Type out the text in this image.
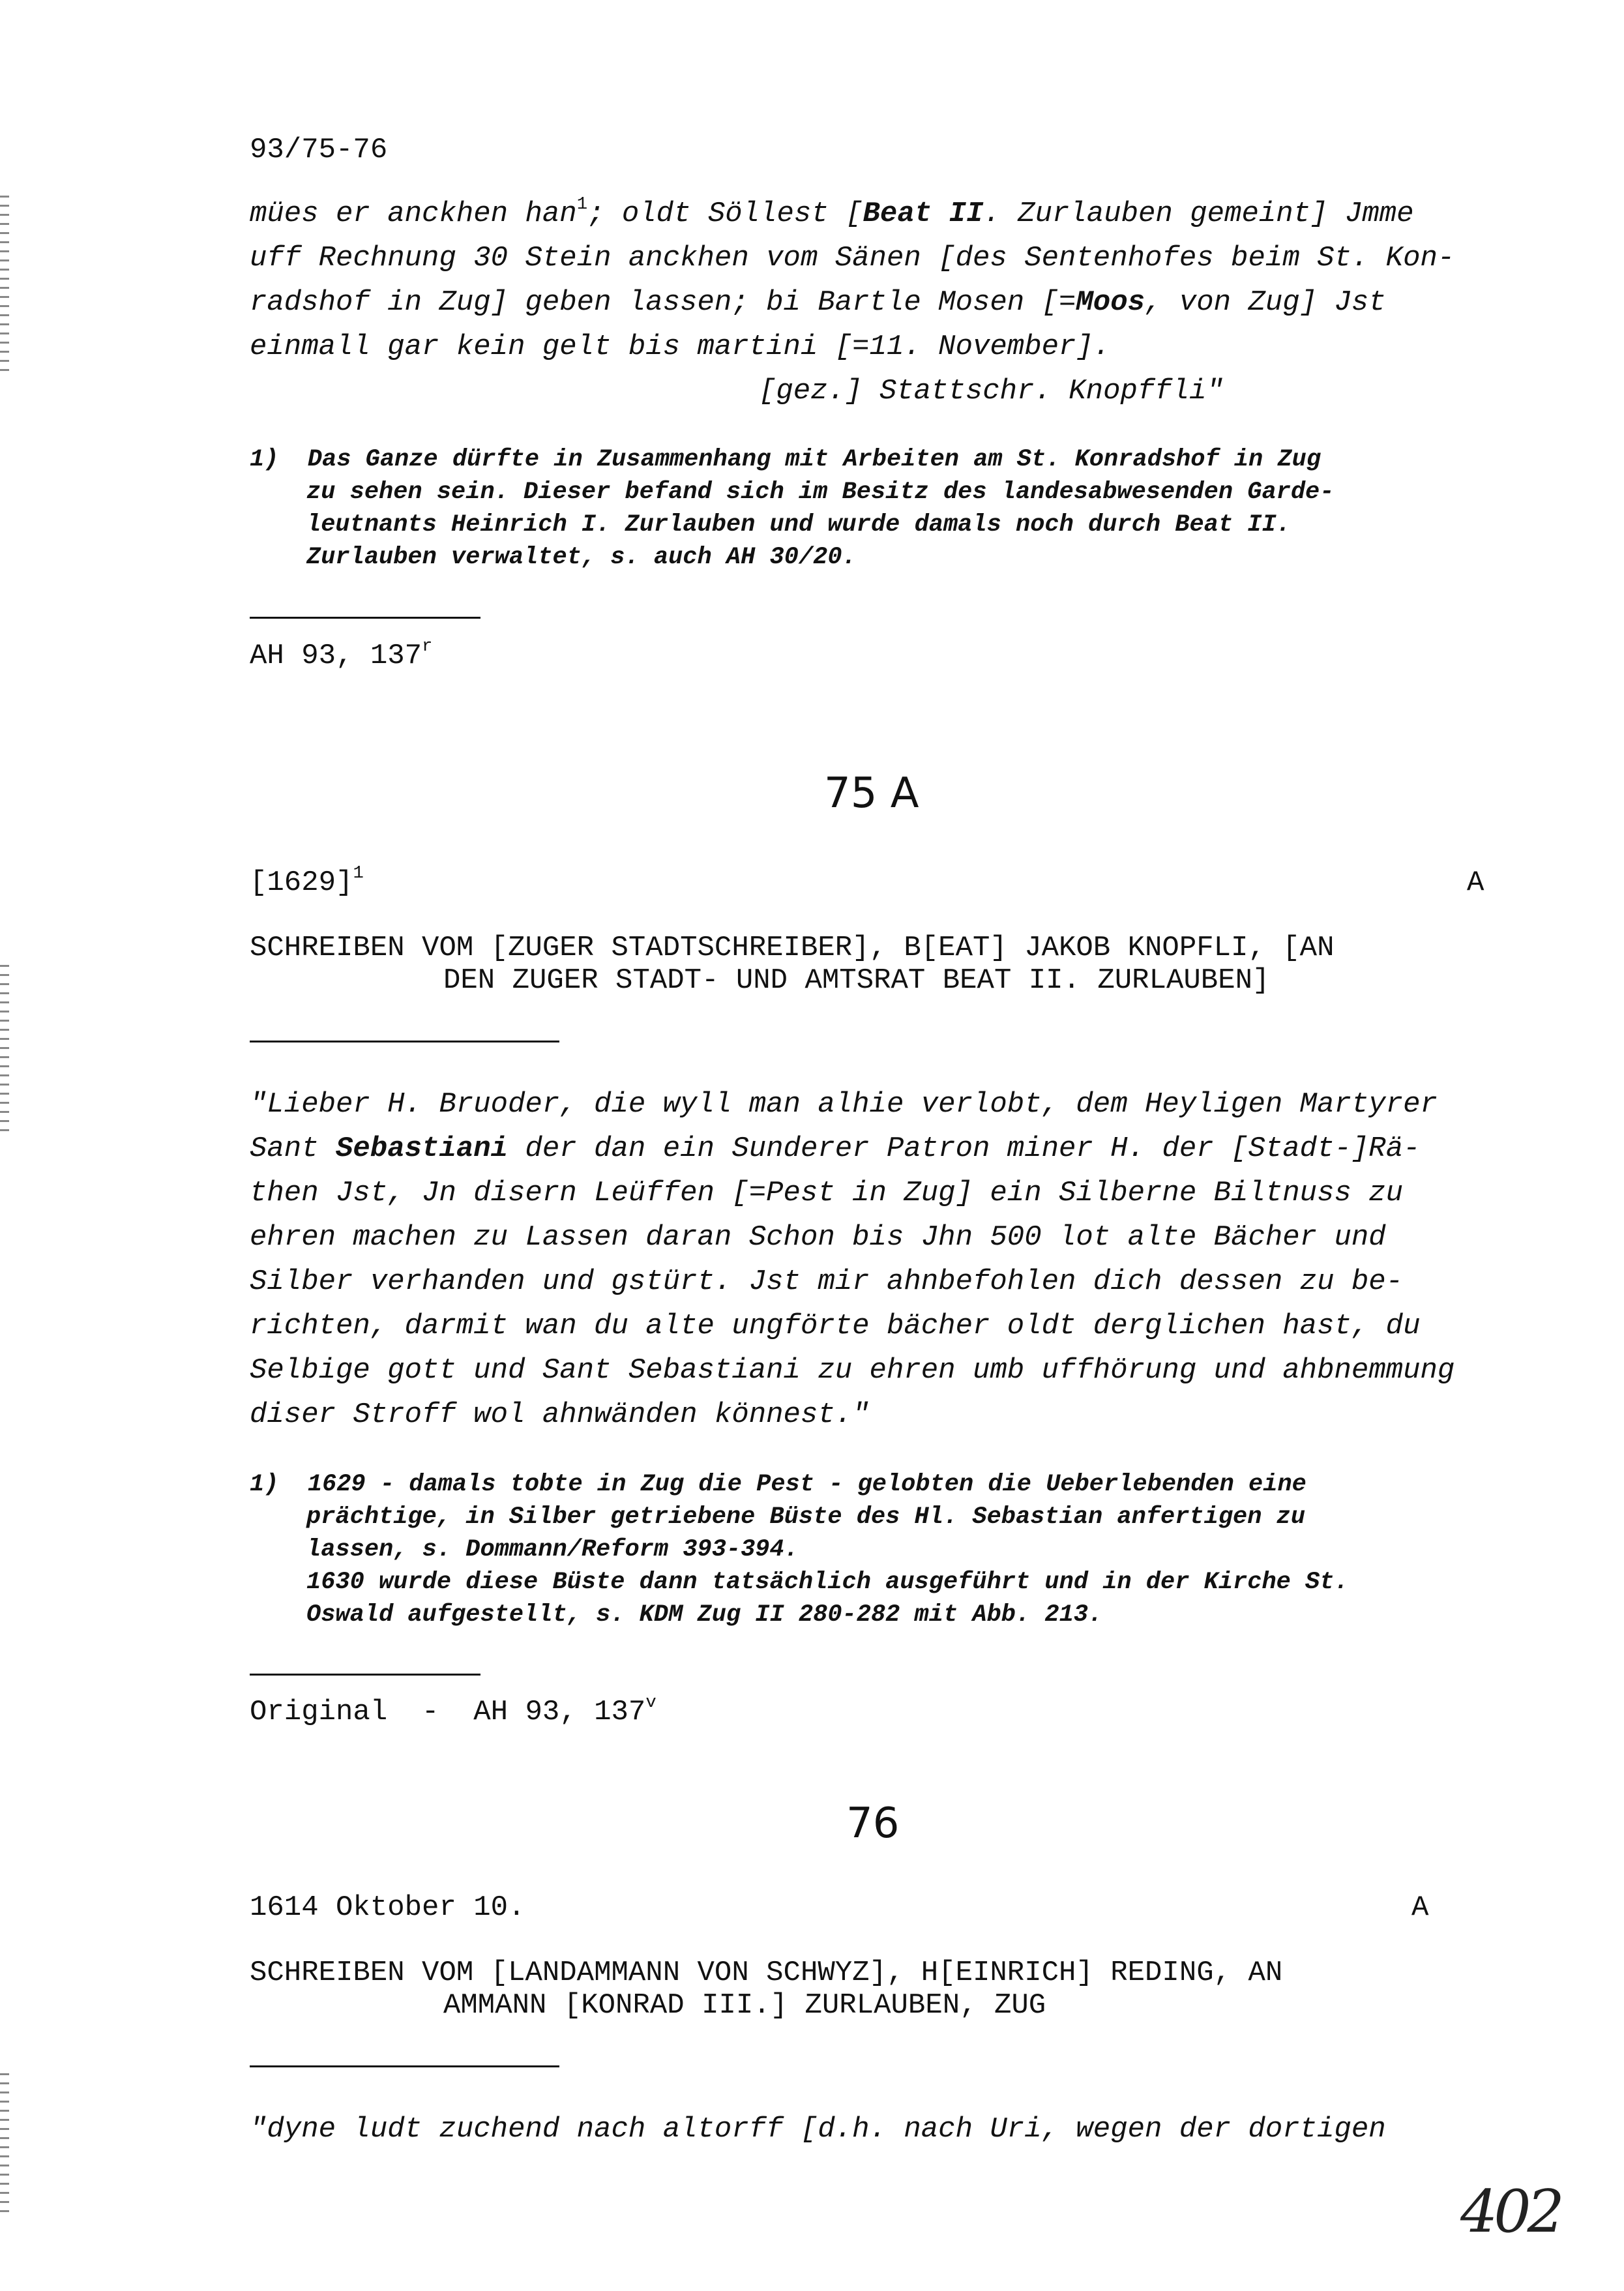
93/75-76
mües er anckhen han$^1$; oldt Söllest [Beat II. Zurlauben gemeint] Jmme
uff Rechnung 30 Stein anckhen vom Sänen [des Sentenhofes beim St. Kon-
radshof in Zug] geben lassen; bi Bartle Mosen [=Moos, von Zug] Jst
einmall gar kein gelt bis martini [=11. November].
[gez.] Stattschr. Knopffli"
1)  Das Ganze dürfte in Zusammenhang mit Arbeiten am St. Konradshof in Zug
zu sehen sein. Dieser befand sich im Besitz des landesabwesenden Garde-
leutnants Heinrich I. Zurlauben und wurde damals noch durch Beat II.
Zurlauben verwaltet, s. auch AH 30/20.
AH 93, 137$^r$
75 A
$[1629]^1$	A
SCHREIBEN VOM [ZUGER STADTSCHREIBER], B[EAT] JAKOB KNOPFLI, [AN
DEN ZUGER STADT- UND AMTSRAT BEAT II. ZURLAUBEN]
"Lieber H. Bruoder, die wyll man alhie verlobt, dem Heyligen Martyrer
Sant Sebastiani der dan ein Sunderer Patron miner H. der [Stadt-]Rä-
then Jst, Jn disern Leüffen [=Pest in Zug] ein Silberne Biltnuss zu
ehren machen zu Lassen daran Schon bis Jhn 500 lot alte Bächer und
Silber verhanden und gstürt. Jst mir ahnbefohlen dich dessen zu be-
richten, darmit wan du alte ungförte bächer oldt derglichen hast, du
Selbige gott und Sant Sebastiani zu ehren umb uffhörung und ahbnemmung
diser Stroff wol ahnwänden könnest."
1)  1629 - damals tobte in Zug die Pest - gelobten die Ueberlebenden eine
prächtige, in Silber getriebene Büste des Hl. Sebastian anfertigen zu
lassen, s. Dommann/Reform 393-394.
1630 wurde diese Büste dann tatsächlich ausgeführt und in der Kirche St.
Oswald aufgestellt, s. KDM Zug II 280-282 mit Abb. 213.
Original  -  AH 93, 137$^v$
76
1614 Oktober 10.	A
SCHREIBEN VOM [LANDAMMANN VON SCHWYZ], H[EINRICH] REDING, AN
AMMANN [KONRAD III.] ZURLAUBEN, ZUG
"dyne ludt zuchend nach altorff [d.h. nach Uri, wegen der dortigen
402
